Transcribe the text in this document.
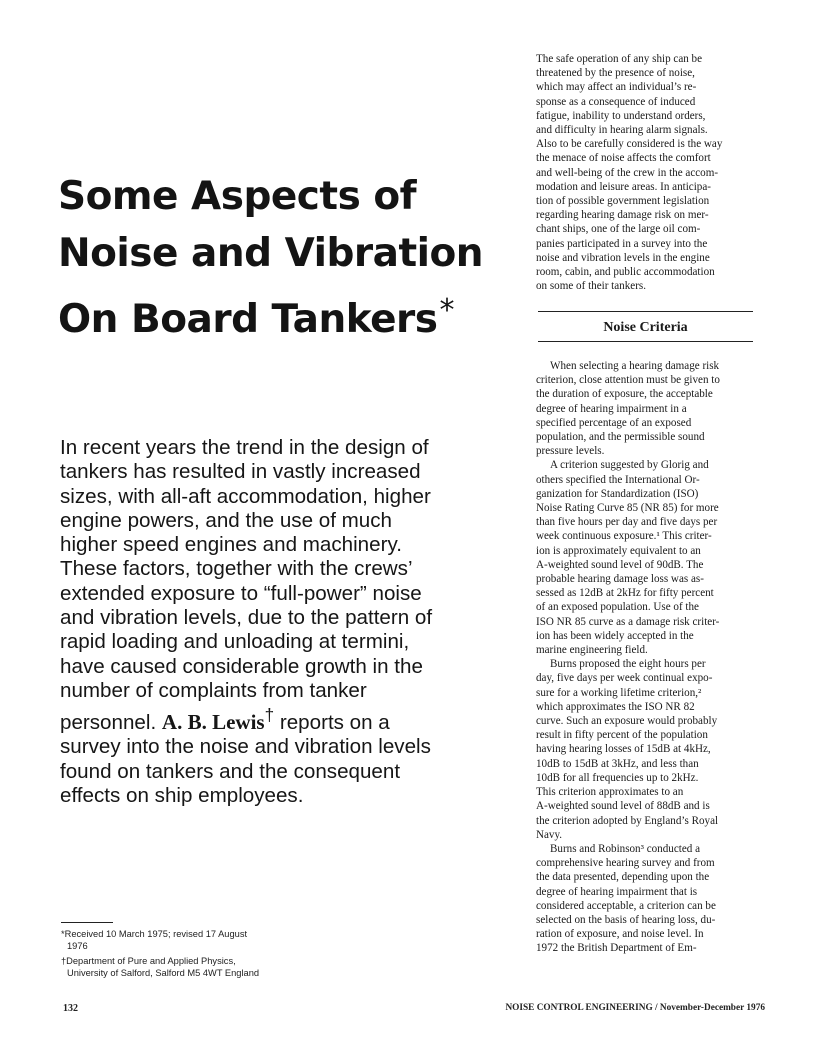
Some Aspects of
Noise and Vibration
On Board Tankers*
In recent years the trend in the design of
tankers has resulted in vastly increased
sizes, with all-aft accommodation, higher
engine powers, and the use of much
higher speed engines and machinery.
These factors, together with the crews’
extended exposure to “full-power” noise
and vibration levels, due to the pattern of
rapid loading and unloading at termini,
have caused considerable growth in the
number of complaints from tanker
personnel. A. B. Lewis† reports on a
survey into the noise and vibration levels
found on tankers and the consequent
effects on ship employees.
*Received 10 March 1975; revised 17 August
1976
†Department of Pure and Applied Physics,
University of Salford, Salford M5 4WT England
The safe operation of any ship can be
threatened by the presence of noise,
which may affect an individual’s re-
sponse as a consequence of induced
fatigue, inability to understand orders,
and difficulty in hearing alarm signals.
Also to be carefully considered is the way
the menace of noise affects the comfort
and well-being of the crew in the accom-
modation and leisure areas. In anticipa-
tion of possible government legislation
regarding hearing damage risk on mer-
chant ships, one of the large oil com-
panies participated in a survey into the
noise and vibration levels in the engine
room, cabin, and public accommodation
on some of their tankers.
Noise Criteria
When selecting a hearing damage risk
criterion, close attention must be given to
the duration of exposure, the acceptable
degree of hearing impairment in a
specified percentage of an exposed
population, and the permissible sound
pressure levels.
A criterion suggested by Glorig and
others specified the International Or-
ganization for Standardization (ISO)
Noise Rating Curve 85 (NR 85) for more
than five hours per day and five days per
week continuous exposure.¹ This criter-
ion is approximately equivalent to an
A-weighted sound level of 90dB. The
probable hearing damage loss was as-
sessed as 12dB at 2kHz for fifty percent
of an exposed population. Use of the
ISO NR 85 curve as a damage risk criter-
ion has been widely accepted in the
marine engineering field.
Burns proposed the eight hours per
day, five days per week continual expo-
sure for a working lifetime criterion,²
which approximates the ISO NR 82
curve. Such an exposure would probably
result in fifty percent of the population
having hearing losses of 15dB at 4kHz,
10dB to 15dB at 3kHz, and less than
10dB for all frequencies up to 2kHz.
This criterion approximates to an
A-weighted sound level of 88dB and is
the criterion adopted by England’s Royal
Navy.
Burns and Robinson³ conducted a
comprehensive hearing survey and from
the data presented, depending upon the
degree of hearing impairment that is
considered acceptable, a criterion can be
selected on the basis of hearing loss, du-
ration of exposure, and noise level. In
1972 the British Department of Em-
132	NOISE CONTROL ENGINEERING / November-December 1976
